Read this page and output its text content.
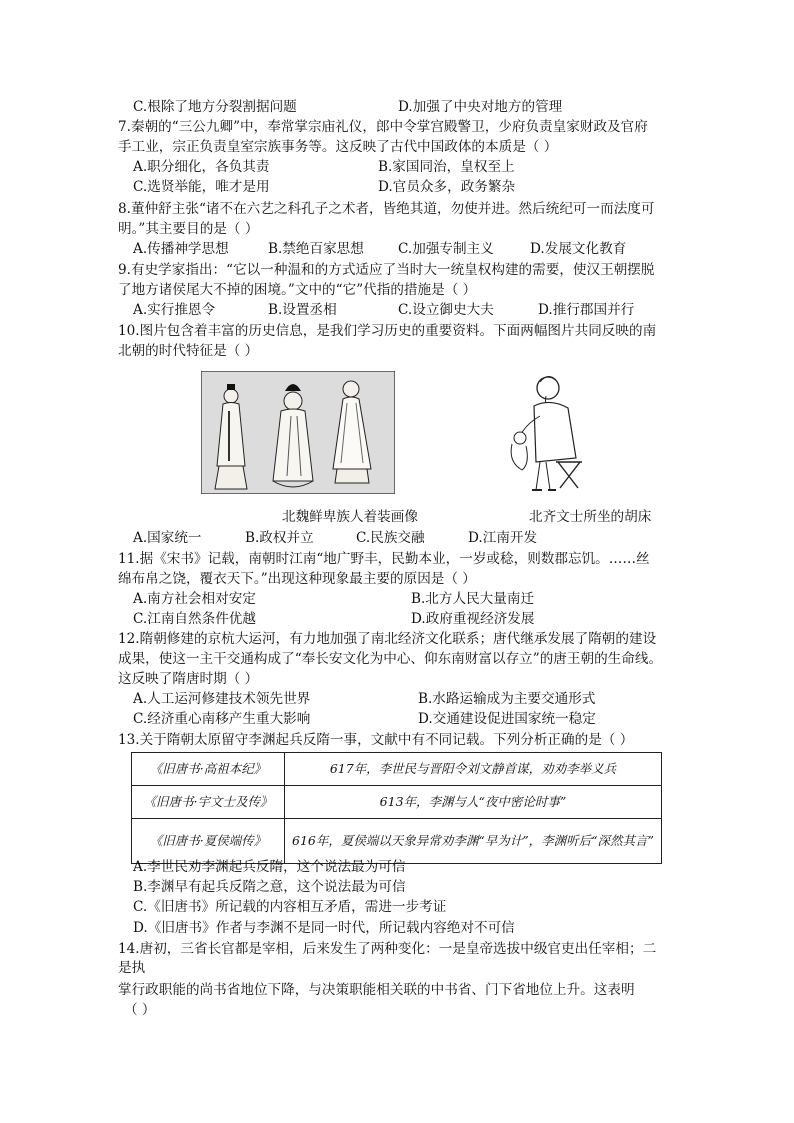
C.根除了地方分裂割据问题	D.加强了中央对地方的管理
7.秦朝的“三公九卿”中，奉常掌宗庙礼仪，郎中令掌宫殿警卫，少府负责皇家财政及官府
手工业，宗正负责皇室宗族事务等。这反映了古代中国政体的本质是（ ）
A.职分细化，各负其责	B.家国同治，皇权至上
C.选贤举能，唯才是用	D.官员众多，政务繁杂
8.董仲舒主张“诸不在六艺之科孔子之术者，皆绝其道，勿使并进。然后统纪可一而法度可
明。”其主要目的是（ ）
A.传播神学思想	B.禁绝百家思想	C.加强专制主义	D.发展文化教育
9.有史学家指出：“它以一种温和的方式适应了当时大一统皇权构建的需要，使汉王朝摆脱
了地方诸侯尾大不掉的困境。”文中的“它”代指的措施是（ ）
A.实行推恩令	B.设置丞相	C.设立御史大夫	D.推行郡国并行
10.图片包含着丰富的历史信息，是我们学习历史的重要资料。下面两幅图片共同反映的南
北朝的时代特征是（ ）
北魏鲜卑族人着装画像	北齐文士所坐的胡床
A.国家统一	B.政权并立	C.民族交融	D.江南开发
11.据《宋书》记载，南朝时江南“地广野丰，民勤本业，一岁或稔，则数郡忘饥。……丝
绵布帛之饶，覆衣天下。”出现这种现象最主要的原因是（ ）
A.南方社会相对安定	B.北方人民大量南迁
C.江南自然条件优越	D.政府重视经济发展
12.隋朝修建的京杭大运河，有力地加强了南北经济文化联系；唐代继承发展了隋朝的建设
成果，使这一主干交通构成了“奉长安文化为中心、仰东南财富以存立”的唐王朝的生命线。
这反映了隋唐时期（ ）
A.人工运河修建技术领先世界	B.水路运输成为主要交通形式
C.经济重心南移产生重大影响	D.交通建设促进国家统一稳定
13.关于隋朝太原留守李渊起兵反隋一事，文献中有不同记载。下列分析正确的是（ ）
《旧唐书·高祖本纪》	617年，李世民与晋阳令刘文静首谋，劝劝李举义兵
《旧唐书·宇文士及传》	613年，李渊与人“夜中密论时事”
《旧唐书·夏侯端传》	616年，夏侯端以天象异常劝李渊“早为计”，李渊听后“深然其言”
A.李世民劝李渊起兵反隋，这个说法最为可信
B.李渊早有起兵反隋之意，这个说法最为可信
C.《旧唐书》所记载的内容相互矛盾，需进一步考证
D.《旧唐书》作者与李渊不是同一时代，所记载内容绝对不可信
14.唐初，三省长官都是宰相，后来发生了两种变化：一是皇帝选拔中级官吏出任宰相；二
是执
掌行政职能的尚书省地位下降，与决策职能相关联的中书省、门下省地位上升。这表明
（ ）
